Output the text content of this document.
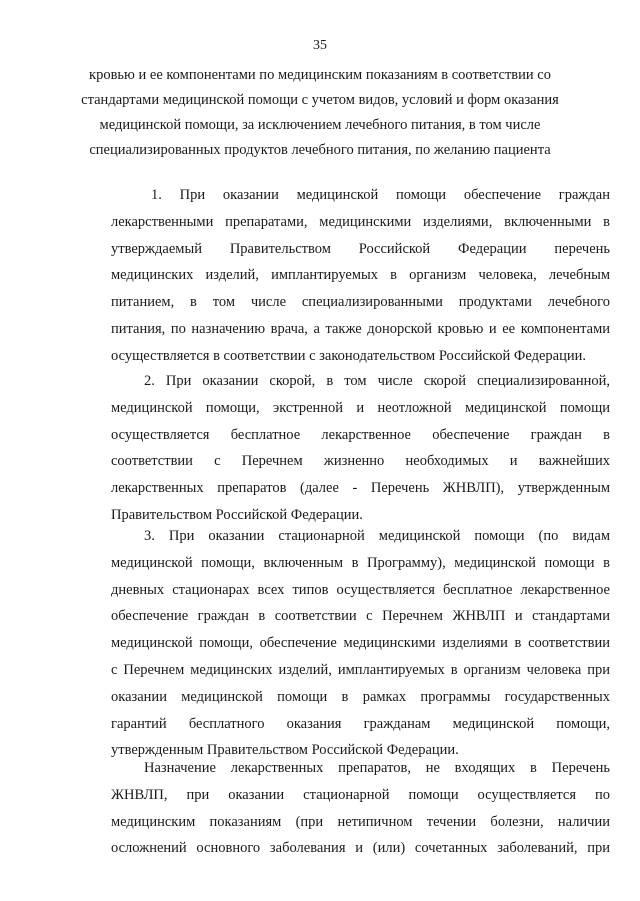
35
кровью и ее компонентами по медицинским показаниям в соответствии со
стандартами медицинской помощи с учетом видов, условий и форм оказания
медицинской помощи, за исключением лечебного питания, в том числе
специализированных продуктов лечебного питания, по желанию пациента
1. При оказании медицинской помощи обеспечение граждан
лекарственными препаратами, медицинскими изделиями, включенными в
утверждаемый Правительством Российской Федерации перечень
медицинских изделий, имплантируемых в организм человека, лечебным
питанием, в том числе специализированными продуктами лечебного
питания, по назначению врача, а также донорской кровью и ее компонентами
осуществляется в соответствии с законодательством Российской Федерации.
2. При оказании скорой, в том числе скорой специализированной,
медицинской помощи, экстренной и неотложной медицинской помощи
осуществляется бесплатное лекарственное обеспечение граждан в
соответствии с Перечнем жизненно необходимых и важнейших
лекарственных препаратов (далее - Перечень ЖНВЛП), утвержденным
Правительством Российской Федерации.
3. При оказании стационарной медицинской помощи (по видам
медицинской помощи, включенным в Программу), медицинской помощи в
дневных стационарах всех типов осуществляется бесплатное лекарственное
обеспечение граждан в соответствии с Перечнем ЖНВЛП и стандартами
медицинской помощи, обеспечение медицинскими изделиями в соответствии
с Перечнем медицинских изделий, имплантируемых в организм человека при
оказании медицинской помощи в рамках программы государственных
гарантий бесплатного оказания гражданам медицинской помощи,
утвержденным Правительством Российской Федерации.
Назначение лекарственных препаратов, не входящих в Перечень
ЖНВЛП, при оказании стационарной помощи осуществляется по
медицинским показаниям (при нетипичном течении болезни, наличии
осложнений основного заболевания и (или) сочетанных заболеваний, при
